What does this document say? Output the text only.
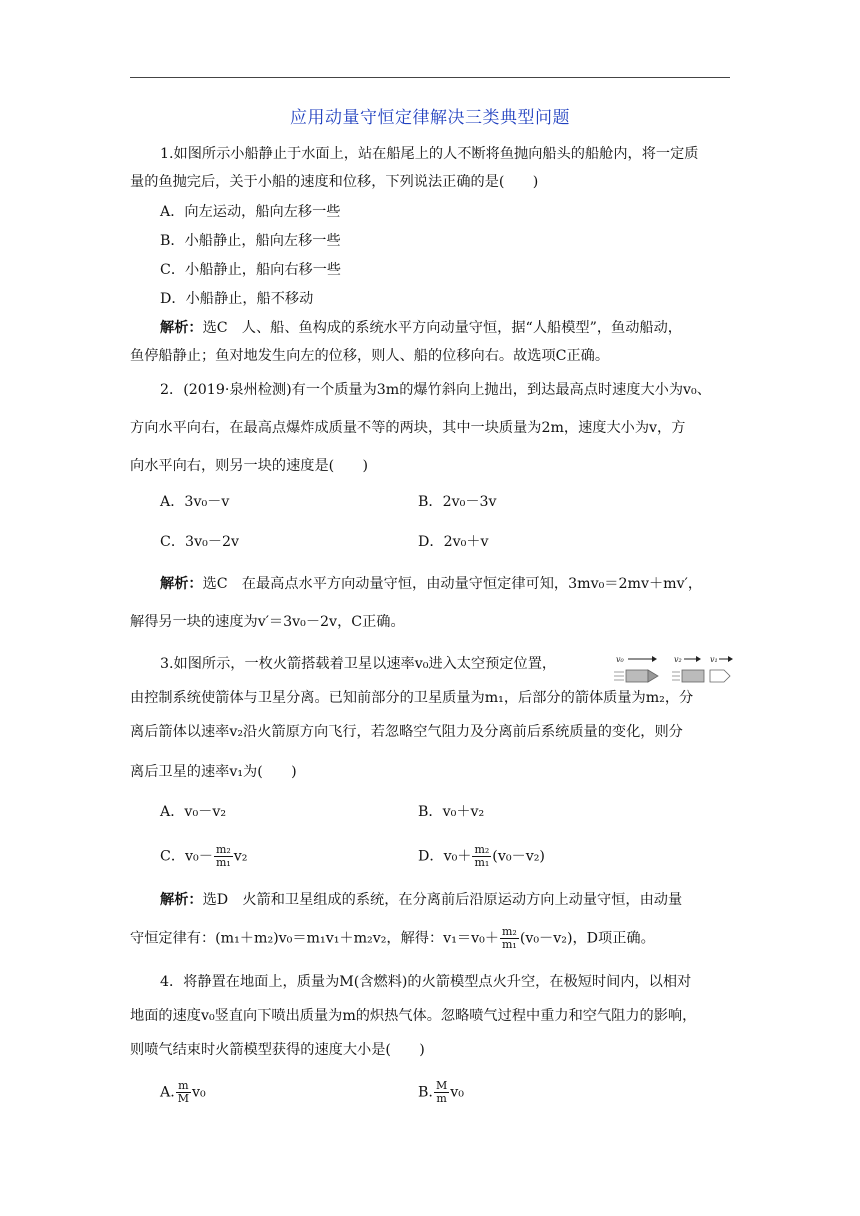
应用动量守恒定律解决三类典型问题
1.如图所示小船静止于水面上，站在船尾上的人不断将鱼抛向船头的船舱内，将一定质
量的鱼抛完后，关于小船的速度和位移，下列说法正确的是(　　)
A．向左运动，船向左移一些
B．小船静止，船向左移一些
C．小船静止，船向右移一些
D．小船静止，船不移动
解析：选C　人、船、鱼构成的系统水平方向动量守恒，据“人船模型”，鱼动船动，
鱼停船静止；鱼对地发生向左的位移，则人、船的位移向右。故选项C正确。
2．(2019·泉州检测)有一个质量为3m的爆竹斜向上抛出，到达最高点时速度大小为v₀、
方向水平向右，在最高点爆炸成质量不等的两块，其中一块质量为2m，速度大小为v，方
向水平向右，则另一块的速度是(　　)
A．3v₀－v	B．2v₀－3v
C．3v₀－2v	D．2v₀＋v
解析：选C　在最高点水平方向动量守恒，由动量守恒定律可知，3mv₀＝2mv＋mv′，
解得另一块的速度为v′＝3v₀－2v，C正确。
3.如图所示，一枚火箭搭载着卫星以速率v₀进入太空预定位置，	v₀	v₂	v₁
由控制系统使箭体与卫星分离。已知前部分的卫星质量为m₁，后部分的箭体质量为m₂，分
离后箭体以速率v₂沿火箭原方向飞行，若忽略空气阻力及分离前后系统质量的变化，则分
离后卫星的速率v₁为(　　)
A．v₀－v₂	B．v₀＋v₂
C．$v_0- \frac{\text{m₂}}{\text{m₁}} v_2$	D．$v_0+ \frac{\text{m₂}}{\text{m₁}} (v_0-v_2)$
解析：选D　火箭和卫星组成的系统，在分离前后沿原运动方向上动量守恒，由动量
守恒定律有：(m₁＋m₂)v₀＝m₁v₁＋m₂v₂，解得：$v_1=v_0+ \frac{\text{m₂}}{\text{m₁}} (v_0-v_2)$，D项正确。
4．将静置在地面上，质量为M(含燃料)的火箭模型点火升空，在极短时间内，以相对
地面的速度v₀竖直向下喷出质量为m的炽热气体。忽略喷气过程中重力和空气阻力的影响，
则喷气结束时火箭模型获得的速度大小是(　　)
A. $\frac{m}{M} v_0$	B. $\frac{M}{m} v_0$
